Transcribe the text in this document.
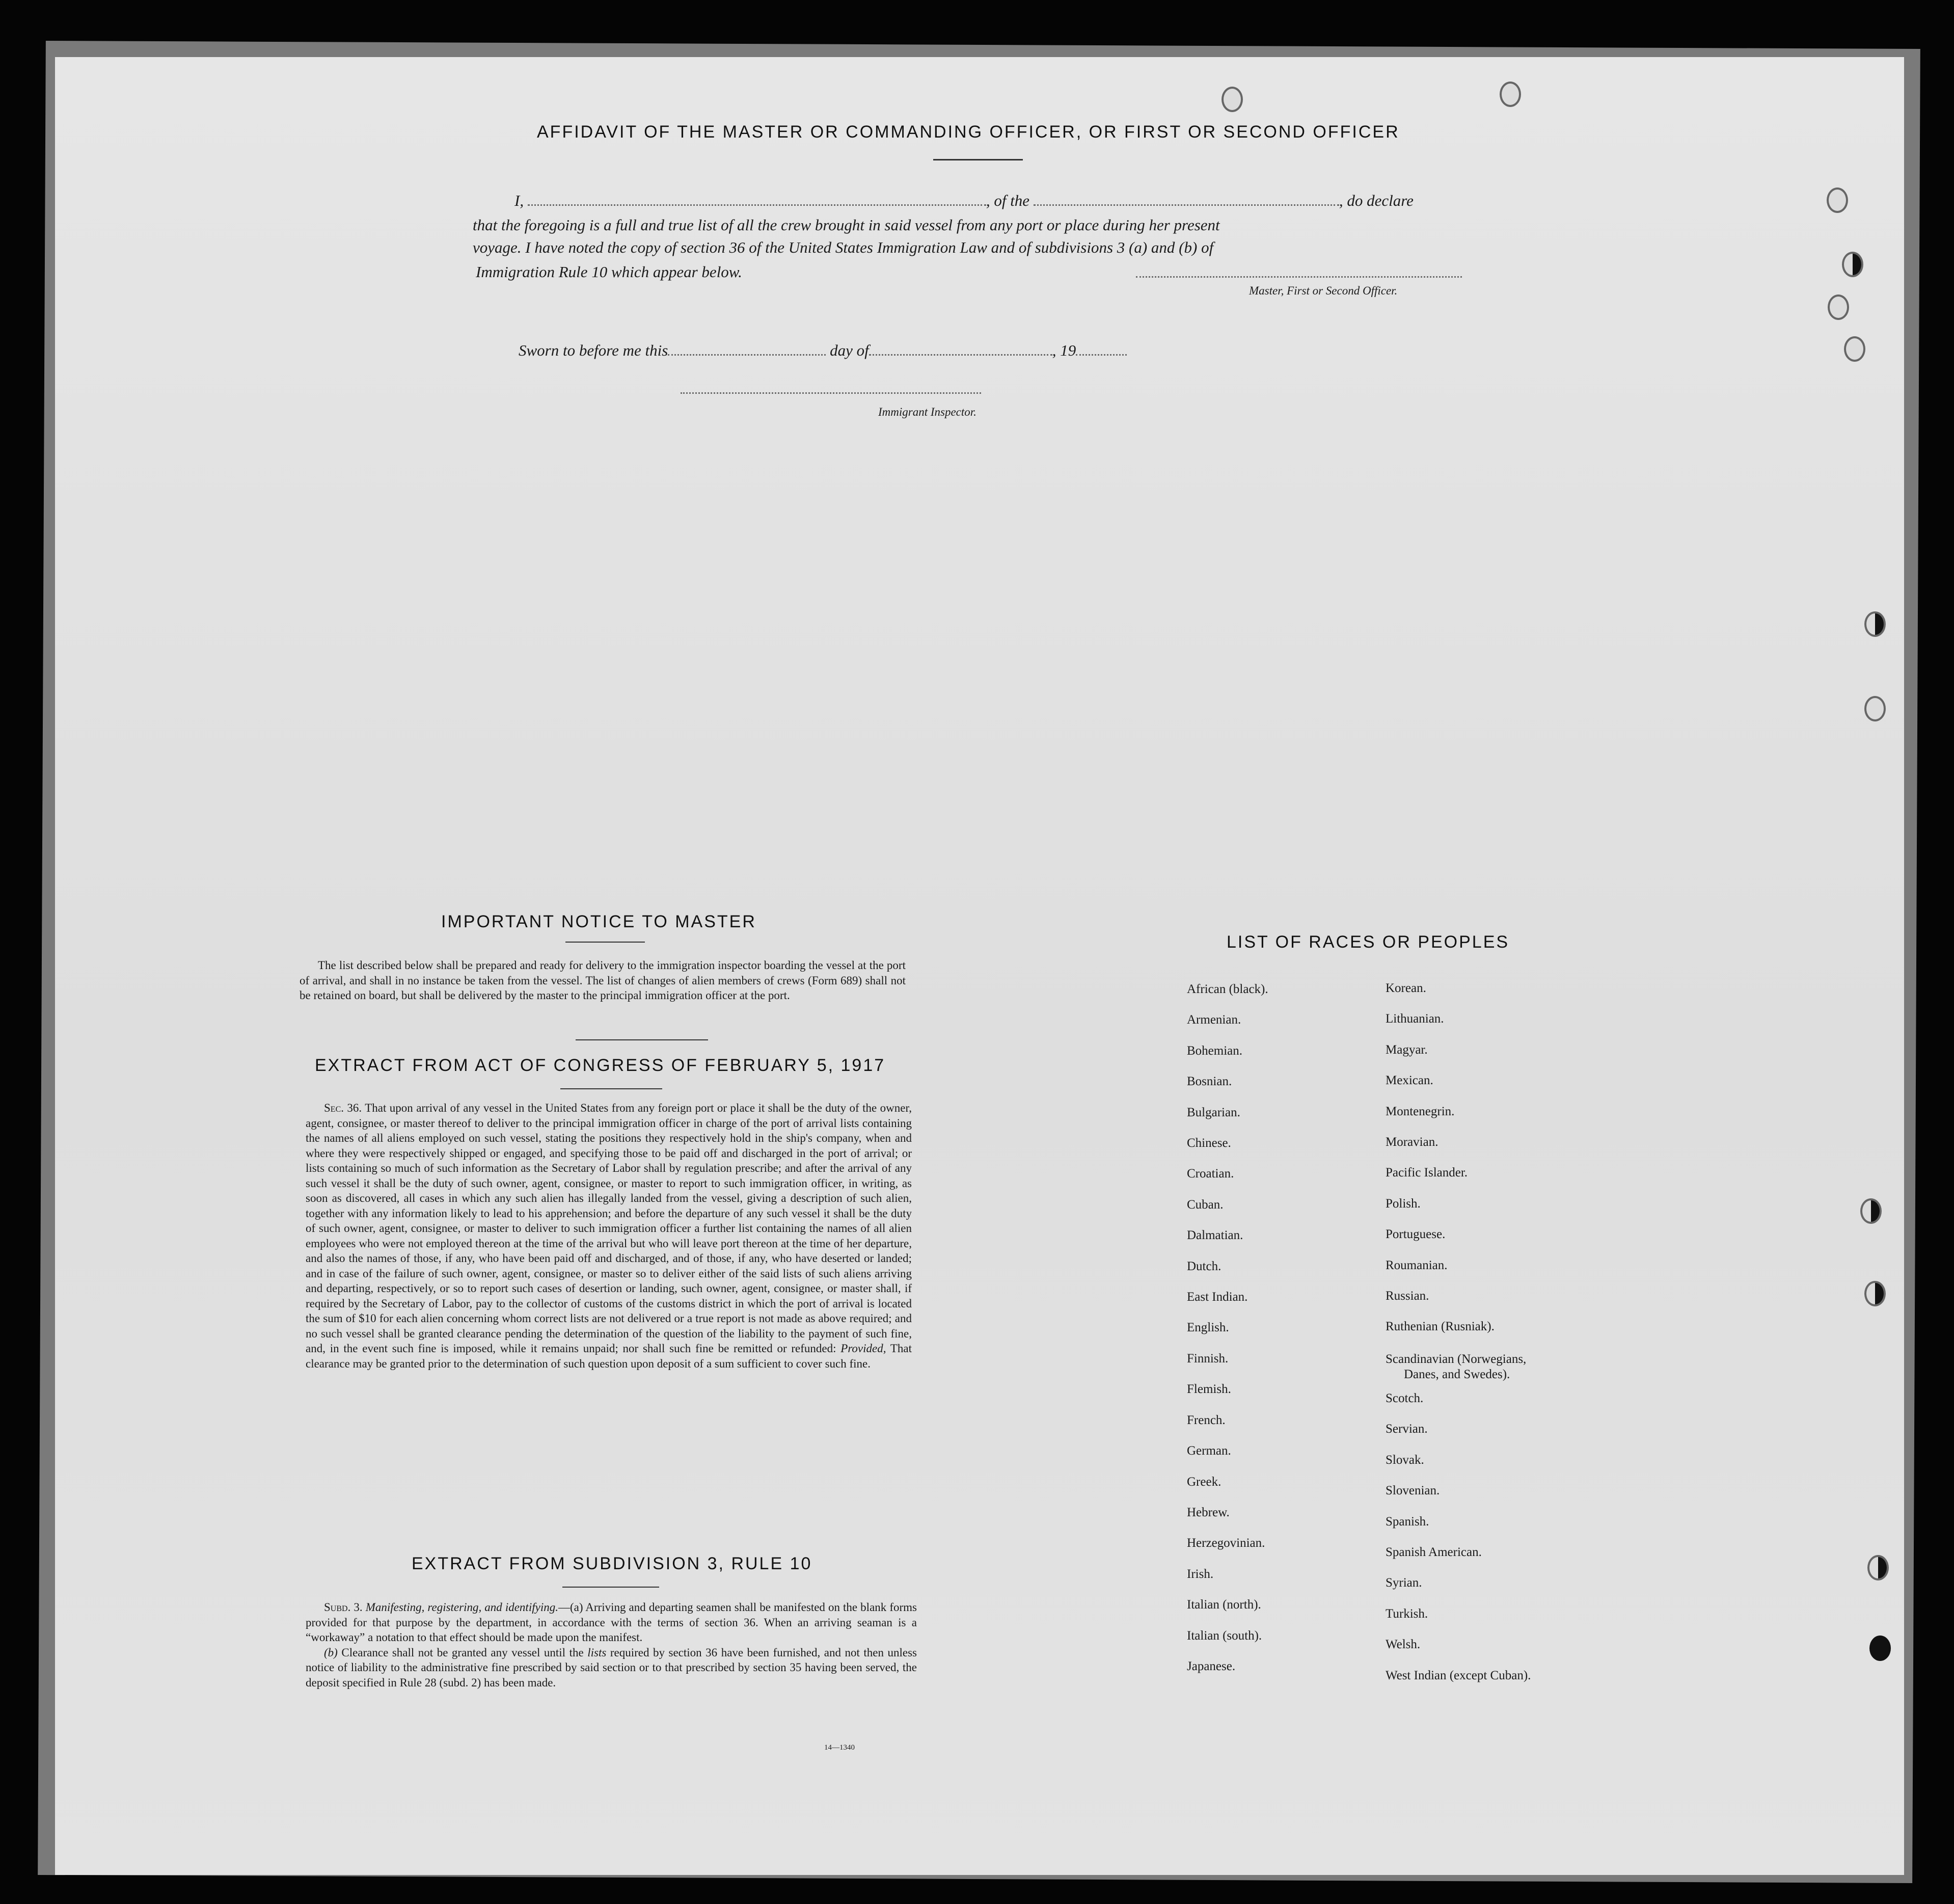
AFFIDAVIT OF THE MASTER OR COMMANDING OFFICER, OR FIRST OR SECOND OFFICER
I,	, of the	, do declare
that the foregoing is a full and true list of all the crew brought in said vessel from any port or place during her present
voyage. I have noted the copy of section 36 of the United States Immigration Law and of subdivisions 3 (a) and (b) of
Immigration Rule 10 which appear below.
Master, First or Second Officer.
Sworn to before me this	day of	, 19
Immigrant Inspector.
IMPORTANT NOTICE TO MASTER

The list described below shall be prepared and ready for delivery to the immigration inspector boarding the vessel at the port of arrival, and shall in no instance be taken from the vessel. The list of changes of alien members of crews (Form 689) shall not be retained on board, but shall be delivered by the master to the principal immigration officer at the port.

EXTRACT FROM ACT OF CONGRESS OF FEBRUARY 5, 1917

Sec. 36. That upon arrival of any vessel in the United States from any foreign port or place it shall be the duty of the owner, agent, consignee, or master thereof to deliver to the principal immigration officer in charge of the port of arrival lists containing the names of all aliens employed on such vessel, stating the positions they respectively hold in the ship's company, when and where they were respectively shipped or engaged, and specifying those to be paid off and discharged in the port of arrival; or lists containing so much of such information as the Secretary of Labor shall by regulation prescribe; and after the arrival of any such vessel it shall be the duty of such owner, agent, consignee, or master to report to such immigration officer, in writing, as soon as discovered, all cases in which any such alien has illegally landed from the vessel, giving a description of such alien, together with any information likely to lead to his apprehension; and before the departure of any such vessel it shall be the duty of such owner, agent, consignee, or master to deliver to such immigration officer a further list containing the names of all alien employees who were not employed thereon at the time of the arrival but who will leave port thereon at the time of her departure, and also the names of those, if any, who have been paid off and discharged, and of those, if any, who have deserted or landed; and in case of the failure of such owner, agent, consignee, or master so to deliver either of the said lists of such aliens arriving and departing, respectively, or so to report such cases of desertion or landing, such owner, agent, consignee, or master shall, if required by the Secretary of Labor, pay to the collector of customs of the customs district in which the port of arrival is located the sum of $10 for each alien concerning whom correct lists are not delivered or a true report is not made as above required; and no such vessel shall be granted clearance pending the determination of the question of the liability to the payment of such fine, and, in the event such fine is imposed, while it remains unpaid; nor shall such fine be remitted or refunded: Provided, That clearance may be granted prior to the determination of such question upon deposit of a sum sufficient to cover such fine.

EXTRACT FROM SUBDIVISION 3, RULE 10

Subd. 3. Manifesting, registering, and identifying.—(a) Arriving and departing seamen shall be manifested on the blank forms provided for that purpose by the department, in accordance with the terms of section 36. When an arriving seaman is a “workaway” a notation to that effect should be made upon the manifest.

(b) Clearance shall not be granted any vessel until the lists required by section 36 have been furnished, and not then unless notice of liability to the administrative fine prescribed by said section or to that prescribed by section 35 having been served, the deposit specified in Rule 28 (subd. 2) has been made.

14—1340
LIST OF RACES OR PEOPLES
African (black).
Armenian.
Bohemian.
Bosnian.
Bulgarian.
Chinese.
Croatian.
Cuban.
Dalmatian.
Dutch.
East Indian.
English.
Finnish.
Flemish.
French.
German.
Greek.
Hebrew.
Herzegovinian.
Irish.
Italian (north).
Italian (south).
Japanese.
Korean.
Lithuanian.
Magyar.
Mexican.
Montenegrin.
Moravian.
Pacific Islander.
Polish.
Portuguese.
Roumanian.
Russian.
Ruthenian (Rusniak).
Scandinavian (Norwegians,
Danes, and Swedes).
Scotch.
Servian.
Slovak.
Slovenian.
Spanish.
Spanish American.
Syrian.
Turkish.
Welsh.
West Indian (except Cuban).
